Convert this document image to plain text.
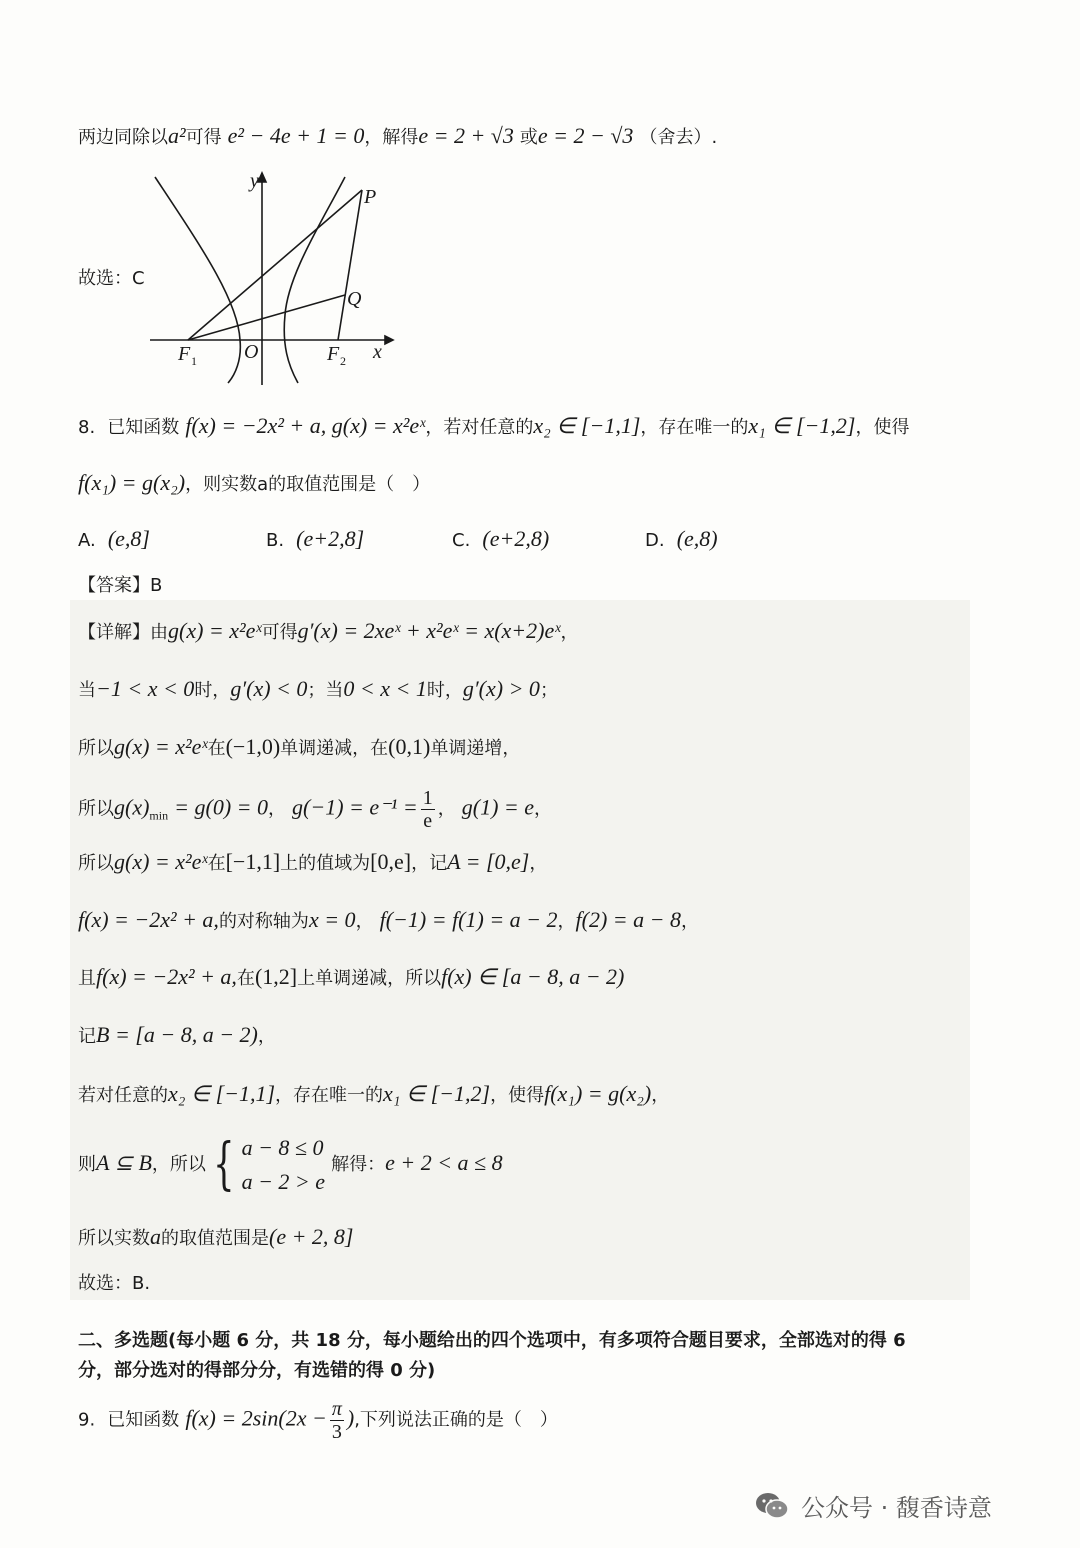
两边同除以a²可得 e² − 4e + 1 = 0，解得e = 2 + √3 或e = 2 − √3 （舍去）.
y
x
P
Q
O
F 1	F 2
故选：C
8. 已知函数 f(x) = −2x² + a, g(x) = x²eˣ，若对任意的x₂ ∈ [−1,1]，存在唯一的x₁ ∈ [−1,2]，使得
f(x₁) = g(x₂)，则实数a的取值范围是（　）
A. (e,8]	B. (e+2,8]	C. (e+2,8)	D. (e,8)
【答案】B
【详解】由g(x) = x²eˣ可得g′(x) = 2xeˣ + x²eˣ = x(x+2)eˣ，
当−1 < x < 0时，g′(x) < 0；当0 < x < 1时，g′(x) > 0；
所以g(x) = x²eˣ在(−1,0)单调递减，在(0,1)单调递增，
所以$g(x)_{min} = g(0) = 0$， $g(-1) = e^{-1} = \frac{1}{e}$ ， g(1) = e，
所以g(x) = x²eˣ在[−1,1]上的值域为[0,e]，记A = [0,e]，
f(x) = −2x² + a,的对称轴为x = 0， f(−1) = f(1) = a − 2，f(2) = a − 8，
且f(x) = −2x² + a,在(1,2]上单调递减，所以f(x) ∈ [a − 8, a − 2)
记B = [a − 8, a − 2)，
若对任意的x₂ ∈ [−1,1]，存在唯一的x₁ ∈ [−1,2]，使得f(x₁) = g(x₂)，
则A ⊆ B，所以 { a − 8 ≤ 0
a − 2 > e
解得：e + 2 < a ≤ 8
所以实数a的取值范围是(e + 2, 8]
故选：B.
二、多选题(每小题 6 分，共 18 分，每小题给出的四个选项中，有多项符合题目要求，全部选对的得 6
分，部分选对的得部分分，有选错的得 0 分)
9. 已知函数 $f(x) = 2\sin(2x - \frac{\pi}{3}$ ),下列说法正确的是（　）
公众号 · 馥香诗意
